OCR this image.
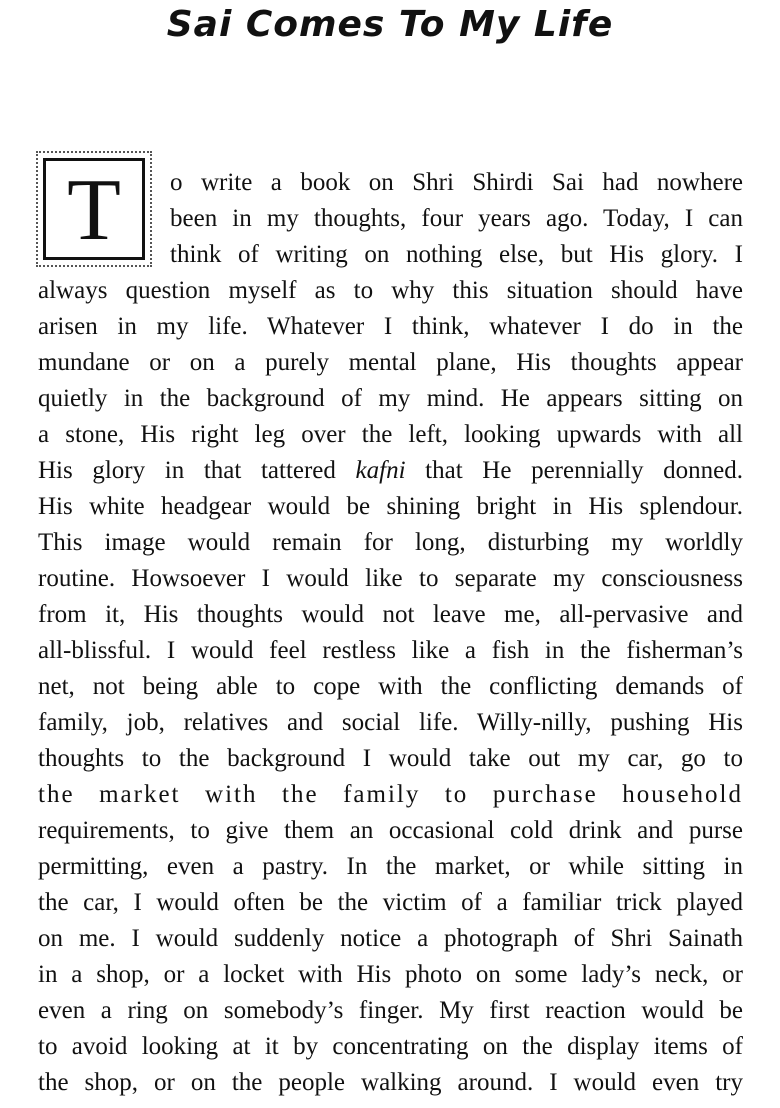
Sai Comes To My Life
T	o write a book on Shri Shirdi Sai had nowhere
been in my thoughts, four years ago. Today, I can
think of writing on nothing else, but His glory. I
always question myself as to why this situation should have
arisen in my life. Whatever I think, whatever I do in the
mundane or on a purely mental plane, His thoughts appear
quietly in the background of my mind. He appears sitting on
a stone, His right leg over the left, looking upwards with all
His glory in that tattered kafni that He perennially donned.
His white headgear would be shining bright in His splendour.
This image would remain for long, disturbing my worldly
routine. Howsoever I would like to separate my consciousness
from it, His thoughts would not leave me, all-pervasive and
all-blissful. I would feel restless like a fish in the fisherman’s
net, not being able to cope with the conflicting demands of
family, job, relatives and social life. Willy-nilly, pushing His
thoughts to the background I would take out my car, go to
the market with the family to purchase household
requirements, to give them an occasional cold drink and purse
permitting, even a pastry. In the market, or while sitting in
the car, I would often be the victim of a familiar trick played
on me. I would suddenly notice a photograph of Shri Sainath
in a shop, or a locket with His photo on some lady’s neck, or
even a ring on somebody’s finger. My first reaction would be
to avoid looking at it by concentrating on the display items of
the shop, or on the people walking around. I would even try
